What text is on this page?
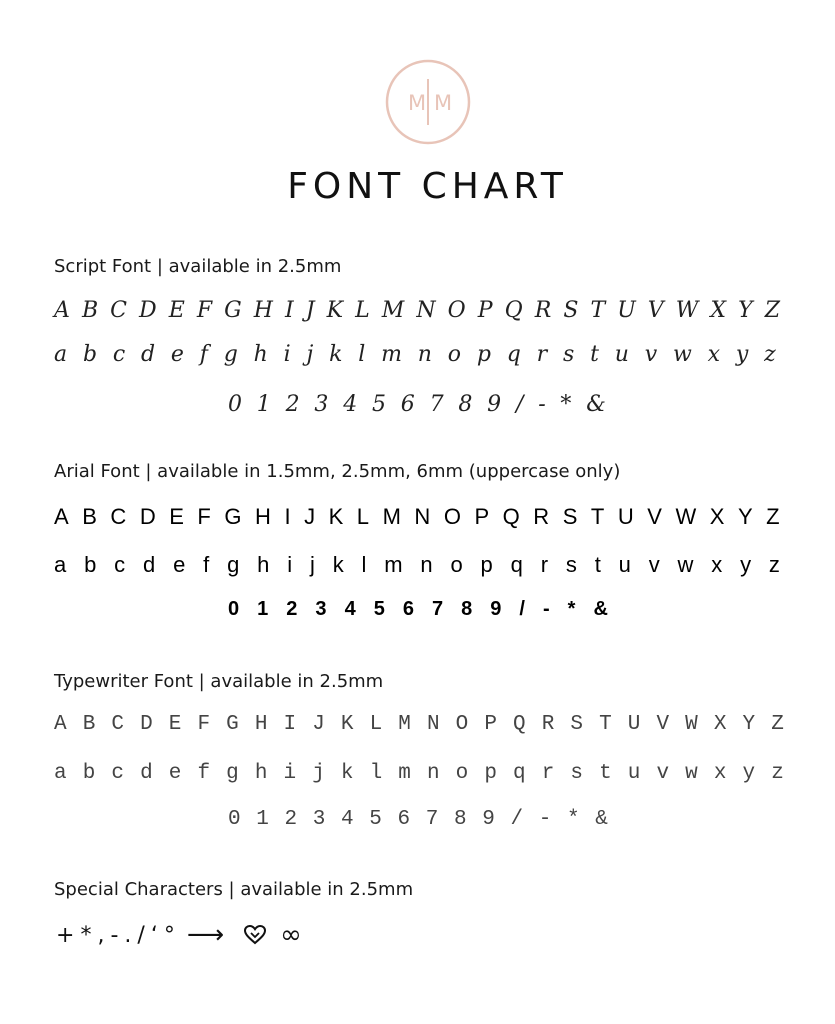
M M
FONT CHART
Script Font | available in 2.5mm
A B C D E F G H I J K L M N O P Q R S T U V W X Y Z
a b c d e f g h i j k l m n o p q r s t u v w x y z
0 1 2 3 4 5 6 7 8 9 / - * &
Arial Font | available in 1.5mm, 2.5mm, 6mm (uppercase only)
A B C D E F G H I J K L M N O P Q R S T U V W X Y Z
a b c d e f g h i j k l m n o p q r s t u v w x y z
0 1 2 3 4 5 6 7 8 9 / - * &
Typewriter Font | available in 2.5mm
A B C D E F G H I J K L M N O P Q R S T U V W X Y Z
a b c d e f g h i j k l m n o p q r s t u v w x y z
0 1 2 3 4 5 6 7 8 9 / - * &
Special Characters | available in 2.5mm
+ * , - . / ‘ ° ⟶ ∞
